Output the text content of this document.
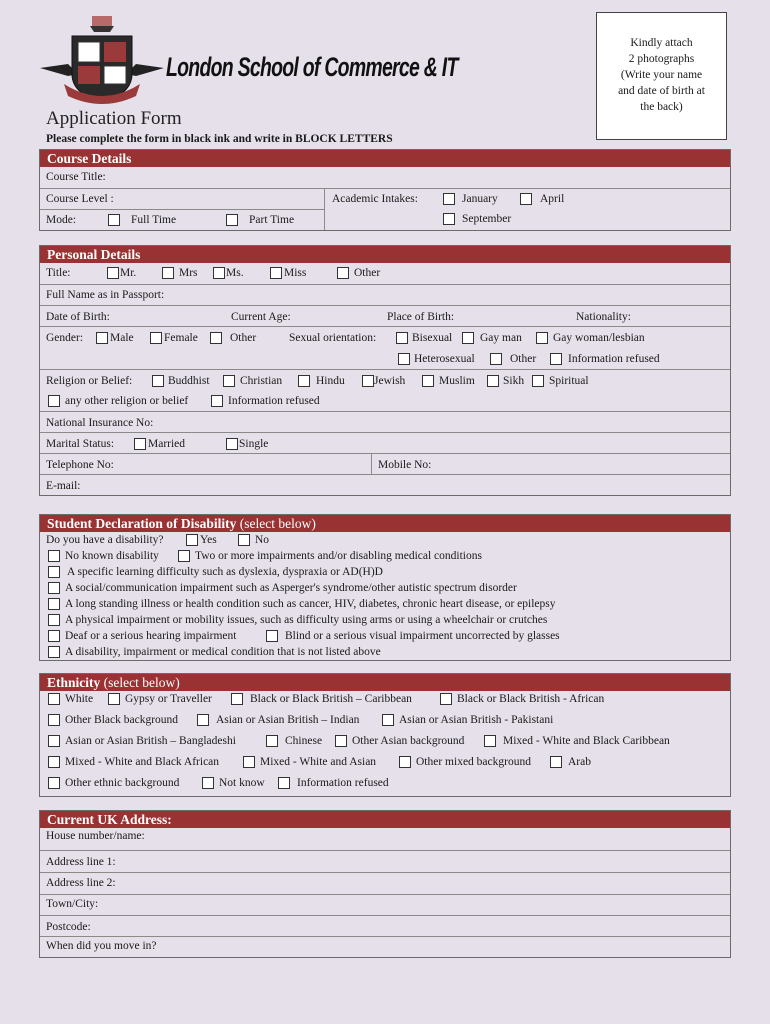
London School of Commerce & IT
Application Form
Please complete the form in black ink and write in BLOCK LETTERS
Kindly attach
2 photographs
(Write your name
and date of birth at
the back)
Course Details
Course Title:
Course Level :	Academic Intakes:	January	April
September
Mode:	Full Time	Part Time
Personal Details
Title:	Mr.	Mrs Ms.	Miss	Other
Full Name as in Passport:
Date of Birth:	Current Age:	Place of Birth:	Nationality:
Gender: Male	Female	Other	Sexual orientation:	Bisexual Gay man	Gay woman/lesbian
Heterosexual	Other	Information refused
Religion or Belief:	Buddhist	Christian	Hindu	Jewish	Muslim Sikh Spiritual
any other religion or belief	Information refused
National Insurance No:
Marital Status:	Married	Single
Telephone No:	Mobile No:
E-mail:
Student Declaration of Disability (select below)
Do you have a disability?	Yes	No
No known disability	Two or more impairments and/or disabling medical conditions
A specific learning difficulty such as dyslexia, dyspraxia or AD(H)D
A social/communication impairment such as Asperger's syndrome/other autistic spectrum disorder
A long standing illness or health condition such as cancer, HIV, diabetes, chronic heart disease, or epilepsy
A physical impairment or mobility issues, such as difficulty using arms or using a wheelchair or crutches
Deaf or a serious hearing impairment	Blind or a serious visual impairment uncorrected by glasses
A disability, impairment or medical condition that is not listed above
Ethnicity (select below)
White	Gypsy or Traveller	Black or Black British – Caribbean	Black or Black British - African
Other Black background	Asian or Asian British – Indian	Asian or Asian British - Pakistani
Asian or Asian British – Bangladeshi	Chinese	Other Asian background	Mixed - White and Black Caribbean
Mixed - White and Black African	Mixed - White and Asian	Other mixed background	Arab
Other ethnic background	Not know	Information refused
Current UK Address:
House number/name:
Address line 1:
Address line 2:
Town/City:
Postcode:
When did you move in?
